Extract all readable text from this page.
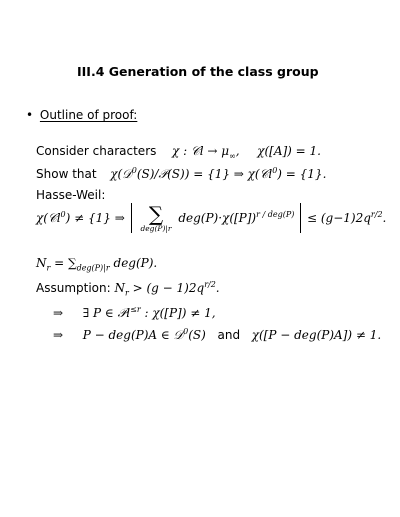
III.4 Generation of the class group
• Outline of proof:
Consider characters χ : 𝒞l → $\mu_\infty$, χ([A]) = 1.
Show that χ(𝒟$^0$(S)/𝒫(S)) = {1} ⇒ χ(𝒞l$^0$) = {1}.
Hasse-Weil:
χ(𝒞l$^0$) ≠ {1} ⇒	∑
deg(P)|r
$deg(P)\cdot\chi([P])^{r / deg(P)} \le (g-1)2q^{r/2}$.
$N_r = \sum_{deg(P)|r}$ deg(P).
Assumption: $N_r > (g - 1)2q^{r/2}$.
⇒ ∃ P ∈ 𝒫l$^{\le r}$ : χ([P]) ≠ 1,
⇒ P − deg(P)A ∈ 𝒟$^0$(S) and χ([P − deg(P)A]) ≠ 1.
